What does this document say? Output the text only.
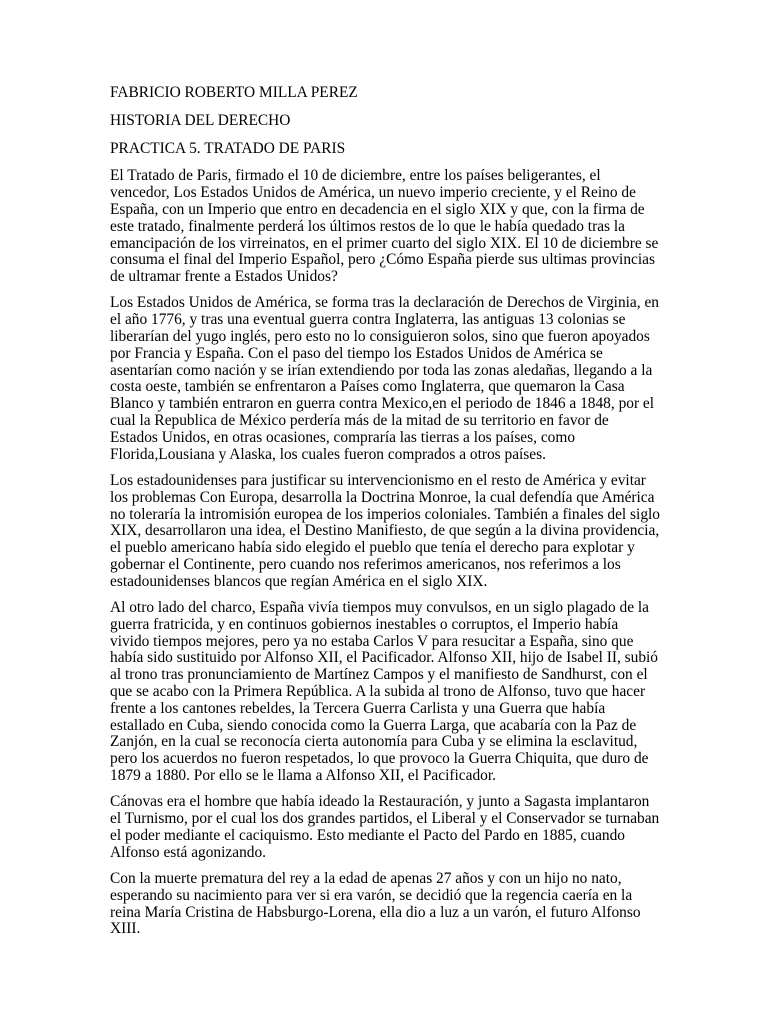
FABRICIO ROBERTO MILLA PEREZ

HISTORIA DEL DERECHO

PRACTICA 5. TRATADO DE PARIS

El Tratado de Paris, firmado el 10 de diciembre, entre los países beligerantes, el vencedor, Los Estados Unidos de América, un nuevo imperio creciente, y el Reino de España, con un Imperio que entro en decadencia en el siglo XIX y que, con la firma de este tratado, finalmente perderá los últimos restos de lo que le había quedado tras la emancipación de los virreinatos, en el primer cuarto del siglo XIX. El 10 de diciembre se consuma el final del Imperio Español, pero ¿Cómo España pierde sus ultimas provincias de ultramar frente a Estados Unidos?

Los Estados Unidos de América, se forma tras la declaración de Derechos de Virginia, en el año 1776, y tras una eventual guerra contra Inglaterra, las antiguas 13 colonias se liberarían del yugo inglés, pero esto no lo consiguieron solos, sino que fueron apoyados por Francia y España. Con el paso del tiempo los Estados Unidos de América se asentarían como nación y se irían extendiendo por toda las zonas aledañas, llegando a la costa oeste, también se enfrentaron a Países como Inglaterra, que quemaron la Casa Blanco y también entraron en guerra contra Mexico,en el periodo de 1846 a 1848, por el cual la Republica de México perdería más de la mitad de su territorio en favor de Estados Unidos, en otras ocasiones, compraría las tierras a los países, como Florida,Lousiana y Alaska, los cuales fueron comprados a otros países.

Los estadounidenses para justificar su intervencionismo en el resto de América y evitar los problemas Con Europa, desarrolla la Doctrina Monroe, la cual defendía que América no toleraría la intromisión europea de los imperios coloniales. También a finales del siglo XIX, desarrollaron una idea, el Destino Manifiesto, de que según a la divina providencia, el pueblo americano había sido elegido el pueblo que tenía el derecho para explotar y gobernar el Continente, pero cuando nos referimos americanos, nos referimos a los estadounidenses blancos que regían América en el siglo XIX.

Al otro lado del charco, España vivía tiempos muy convulsos, en un siglo plagado de la guerra fratricida, y en continuos gobiernos inestables o corruptos, el Imperio había vivido tiempos mejores, pero ya no estaba Carlos V para resucitar a España, sino que había sido sustituido por Alfonso XII, el Pacificador. Alfonso XII, hijo de Isabel II, subió al trono tras pronunciamiento de Martínez Campos y el manifiesto de Sandhurst, con el que se acabo con la Primera República. A la subida al trono de Alfonso, tuvo que hacer frente a los cantones rebeldes, la Tercera Guerra Carlista y una Guerra que había estallado en Cuba, siendo conocida como la Guerra Larga, que acabaría con la Paz de Zanjón, en la cual se reconocía cierta autonomía para Cuba y se elimina la esclavitud, pero los acuerdos no fueron respetados, lo que provoco la Guerra Chiquita, que duro de 1879 a 1880. Por ello se le llama a Alfonso XII, el Pacificador.

Cánovas era el hombre que había ideado la Restauración, y junto a Sagasta implantaron el Turnismo, por el cual los dos grandes partidos, el Liberal y el Conservador se turnaban el poder mediante el caciquismo. Esto mediante el Pacto del Pardo en 1885, cuando Alfonso está agonizando.

Con la muerte prematura del rey a la edad de apenas 27 años y con un hijo no nato, esperando su nacimiento para ver si era varón, se decidió que la regencia caería en la reina María Cristina de Habsburgo-Lorena, ella dio a luz a un varón, el futuro Alfonso XIII.
